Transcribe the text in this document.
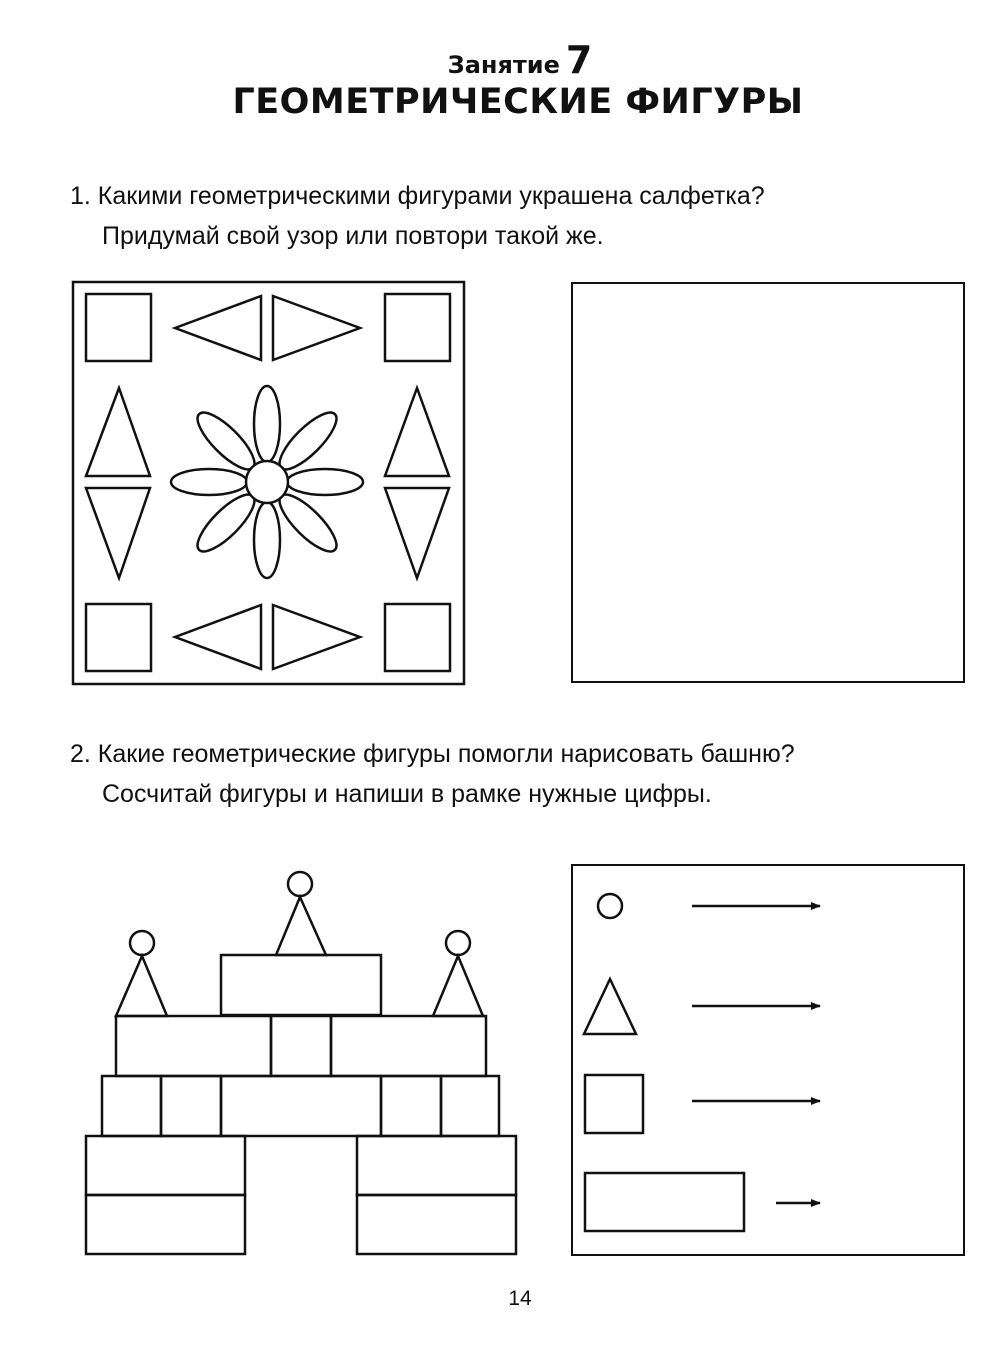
Занятие 7
ГЕОМЕТРИЧЕСКИЕ ФИГУРЫ
1. Какими геометрическими фигурами украшена салфетка?
Придумай свой узор или повтори такой же.
2. Какие геометрические фигуры помогли нарисовать башню?
Сосчитай фигуры и напиши в рамке нужные цифры.
14
